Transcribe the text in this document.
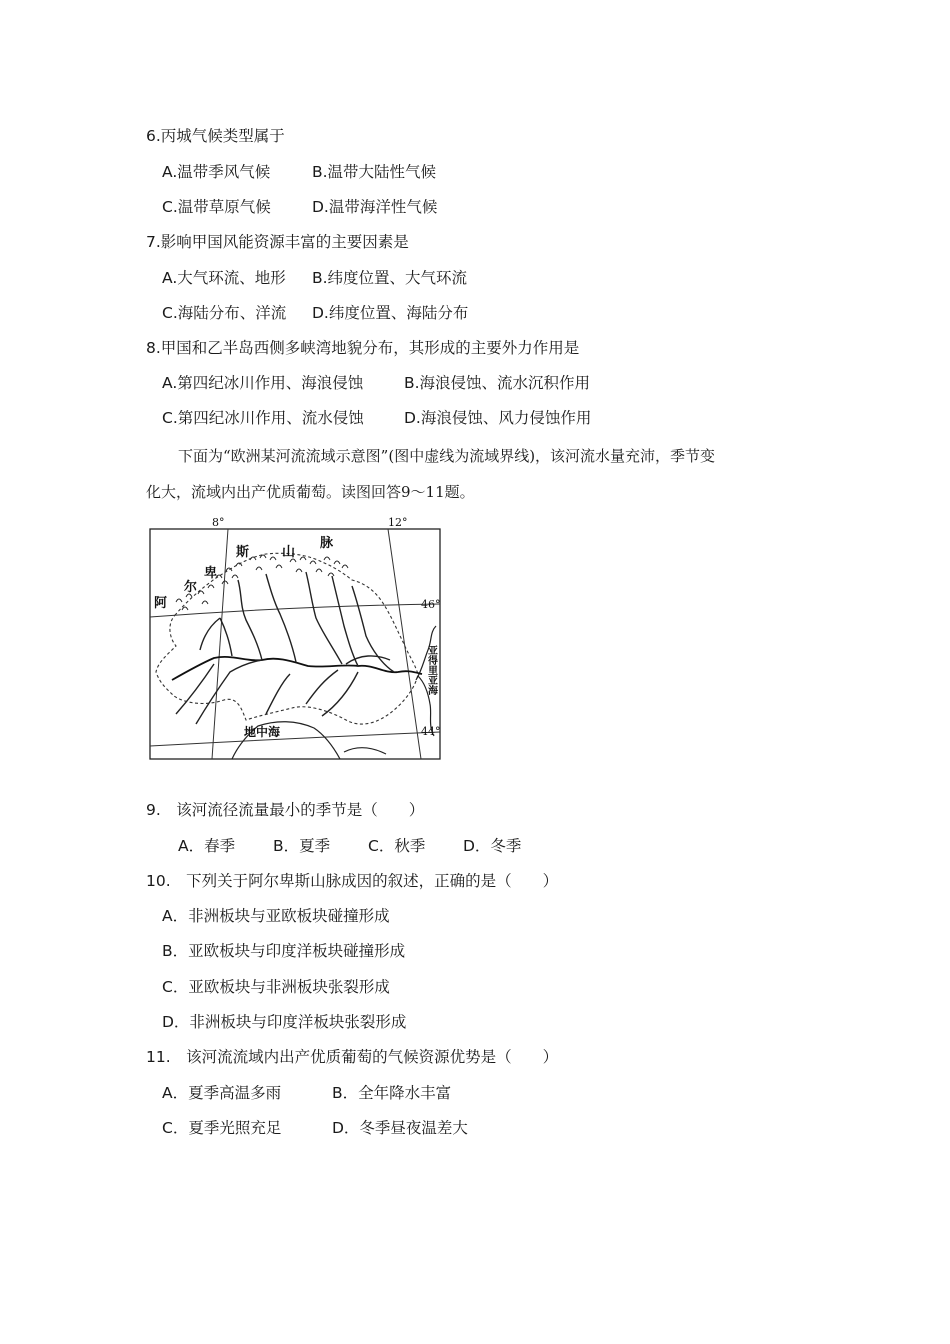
6.丙城气候类型属于
A.温带季风气候	B.温带大陆性气候
C.温带草原气候	D.温带海洋性气候
7.影响甲国风能资源丰富的主要因素是
A.大气环流、地形 B.纬度位置、大气环流
C.海陆分布、洋流 D.纬度位置、海陆分布
8.甲国和乙半岛西侧多峡湾地貌分布，其形成的主要外力作用是
A.第四纪冰川作用、海浪侵蚀	B.海浪侵蚀、流水沉积作用
C.第四纪冰川作用、流水侵蚀	D.海浪侵蚀、风力侵蚀作用
下面为“欧洲某河流流域示意图”(图中虚线为流域界线)，该河流水量充沛，季节变
化大，流域内出产优质葡萄。读图回答9～11题。
8°	12°
46°
44°
阿
尔
卑
斯	山
脉
亚
得
里
亚
海
地中海
9.　该河流径流量最小的季节是（　　）
A．春季 B．夏季 C．秋季 D．冬季
10.　下列关于阿尔卑斯山脉成因的叙述，正确的是（　　）
A．非洲板块与亚欧板块碰撞形成
B．亚欧板块与印度洋板块碰撞形成
C．亚欧板块与非洲板块张裂形成
D．非洲板块与印度洋板块张裂形成
11.　该河流流域内出产优质葡萄的气候资源优势是（　　）
A．夏季高温多雨	B．全年降水丰富
C．夏季光照充足	D．冬季昼夜温差大
